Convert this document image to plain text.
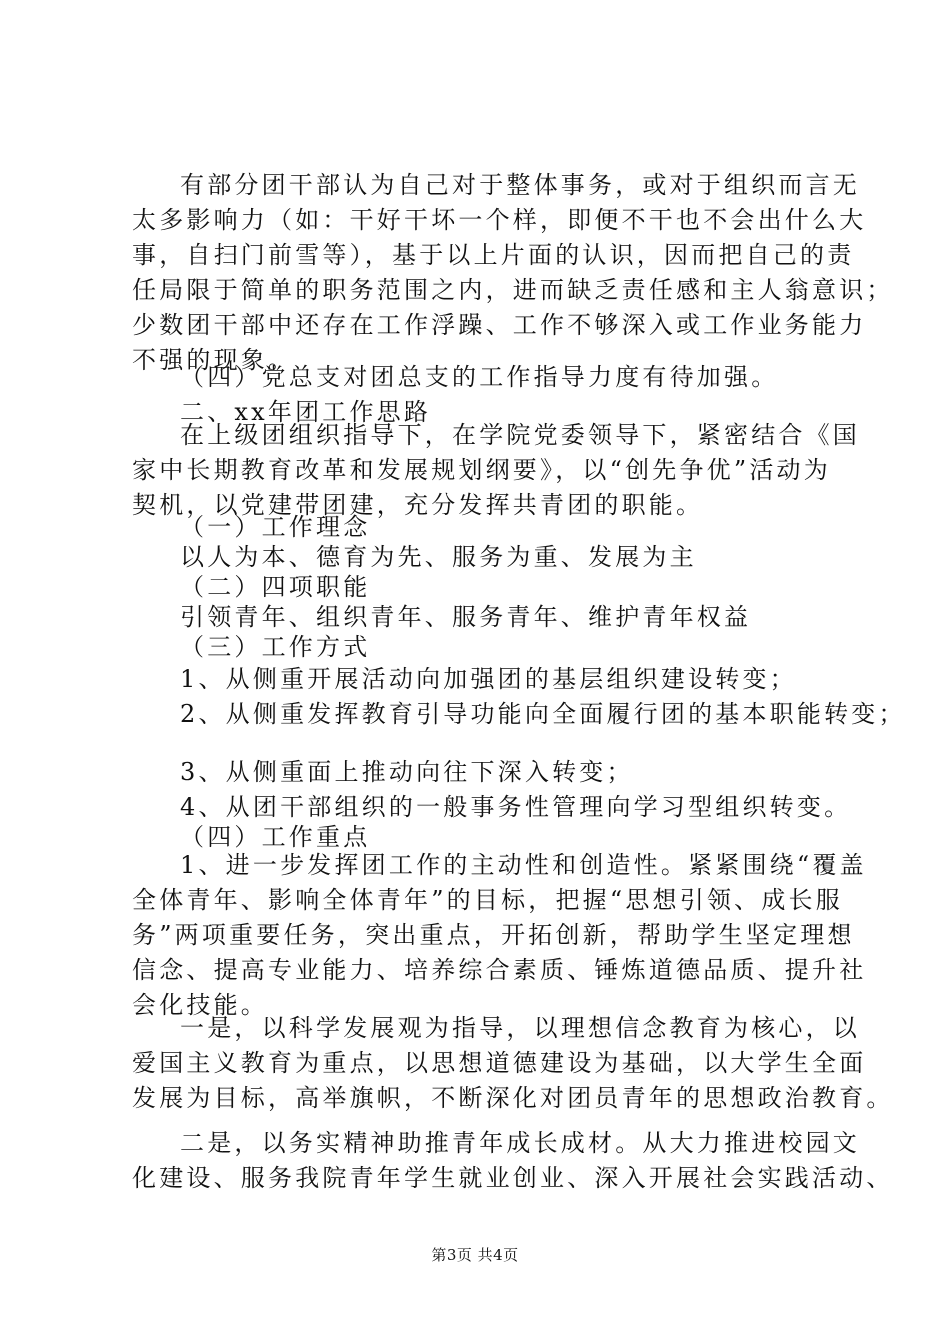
有部分团干部认为自己对于整体事务，或对于组织而言无
太多影响力（如：干好干坏一个样，即便不干也不会出什么大
事，自扫门前雪等），基于以上片面的认识，因而把自己的责
任局限于简单的职务范围之内，进而缺乏责任感和主人翁意识；
少数团干部中还存在工作浮躁、工作不够深入或工作业务能力
不强的现象。
（四）党总支对团总支的工作指导力度有待加强。
二、xx年团工作思路
在上级团组织指导下，在学院党委领导下，紧密结合《国
家中长期教育改革和发展规划纲要》，以“创先争优”活动为
契机，以党建带团建，充分发挥共青团的职能。
（一）工作理念
以人为本、德育为先、服务为重、发展为主
（二）四项职能
引领青年、组织青年、服务青年、维护青年权益
（三）工作方式
1、从侧重开展活动向加强团的基层组织建设转变；
2、从侧重发挥教育引导功能向全面履行团的基本职能转变；
3、从侧重面上推动向往下深入转变；
4、从团干部组织的一般事务性管理向学习型组织转变。
（四）工作重点
1、进一步发挥团工作的主动性和创造性。紧紧围绕“覆盖
全体青年、影响全体青年”的目标，把握“思想引领、成长服
务”两项重要任务，突出重点，开拓创新，帮助学生坚定理想
信念、提高专业能力、培养综合素质、锤炼道德品质、提升社
会化技能。
一是，以科学发展观为指导，以理想信念教育为核心，以
爱国主义教育为重点，以思想道德建设为基础，以大学生全面
发展为目标，高举旗帜，不断深化对团员青年的思想政治教育。
二是，以务实精神助推青年成长成材。从大力推进校园文
化建设、服务我院青年学生就业创业、深入开展社会实践活动、
第3页 共4页
